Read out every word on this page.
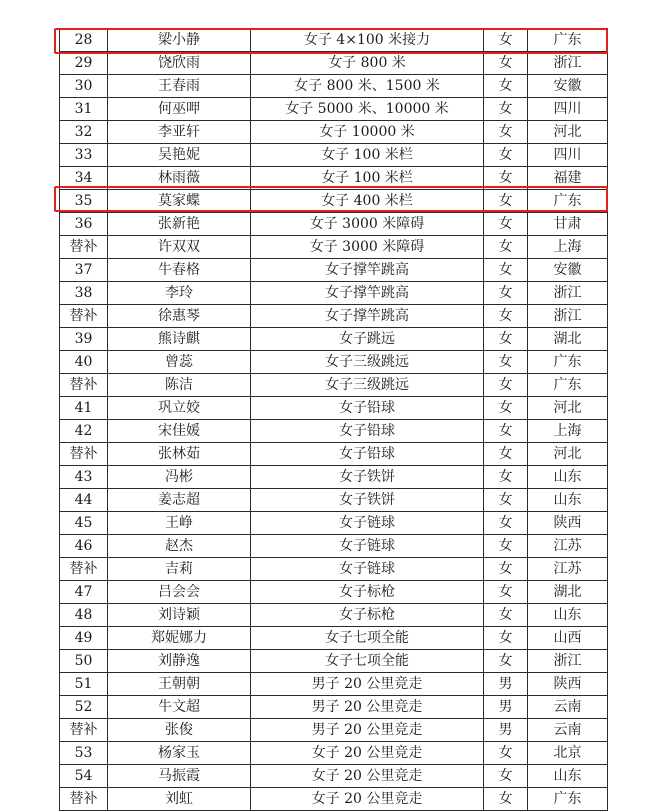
28	梁小静	女子 4×100 米接力	女	广东
29	饶欣雨	女子 800 米	女	浙江
30	王春雨	女子 800 米、1500 米	女	安徽
31	何巫呷	女子 5000 米、10000 米	女	四川
32	李亚轩	女子 10000 米	女	河北
33	吴艳妮	女子 100 米栏	女	四川
34	林雨薇	女子 100 米栏	女	福建
35	莫家蝶	女子 400 米栏	女	广东
36	张新艳	女子 3000 米障碍	女	甘肃
替补	许双双	女子 3000 米障碍	女	上海
37	牛春格	女子撑竿跳高	女	安徽
38	李玲	女子撑竿跳高	女	浙江
替补	徐惠琴	女子撑竿跳高	女	浙江
39	熊诗麒	女子跳远	女	湖北
40	曾蕊	女子三级跳远	女	广东
替补	陈洁	女子三级跳远	女	广东
41	巩立姣	女子铅球	女	河北
42	宋佳媛	女子铅球	女	上海
替补	张林茹	女子铅球	女	河北
43	冯彬	女子铁饼	女	山东
44	姜志超	女子铁饼	女	山东
45	王峥	女子链球	女	陕西
46	赵杰	女子链球	女	江苏
替补	吉莉	女子链球	女	江苏
47	吕会会	女子标枪	女	湖北
48	刘诗颖	女子标枪	女	山东
49	郑妮娜力	女子七项全能	女	山西
50	刘静逸	女子七项全能	女	浙江
51	王朝朝	男子 20 公里竞走	男	陕西
52	牛文超	男子 20 公里竞走	男	云南
替补	张俊	男子 20 公里竞走	男	云南
53	杨家玉	女子 20 公里竞走	女	北京
54	马振霞	女子 20 公里竞走	女	山东
替补	刘虹	女子 20 公里竞走	女	广东
